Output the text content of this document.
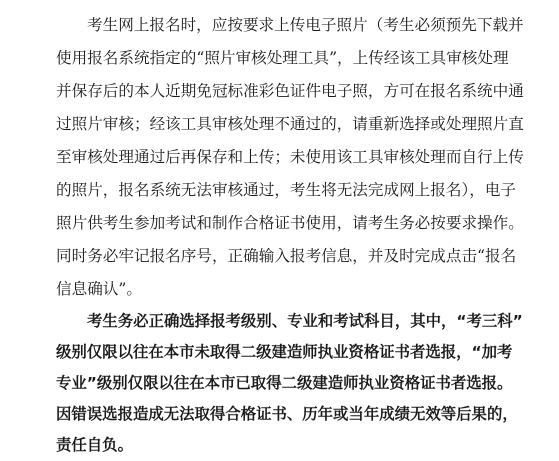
考生网上报名时，应按要求上传电子照片（考生必须预先下载并
使用报名系统指定的“照片审核处理工具”，上传经该工具审核处理
并保存后的本人近期免冠标准彩色证件电子照，方可在报名系统中通
过照片审核；经该工具审核处理不通过的，请重新选择或处理照片直
至审核处理通过后再保存和上传；未使用该工具审核处理而自行上传
的照片，报名系统无法审核通过，考生将无法完成网上报名），电子
照片供考生参加考试和制作合格证书使用，请考生务必按要求操作。
同时务必牢记报名序号，正确输入报考信息，并及时完成点击“报名
信息确认”。
考生务必正确选择报考级别、专业和考试科目，其中，“考三科”
级别仅限以往在本市未取得二级建造师执业资格证书者选报，“加考
专业”级别仅限以往在本市已取得二级建造师执业资格证书者选报。
因错误选报造成无法取得合格证书、历年或当年成绩无效等后果的，
责任自负。
